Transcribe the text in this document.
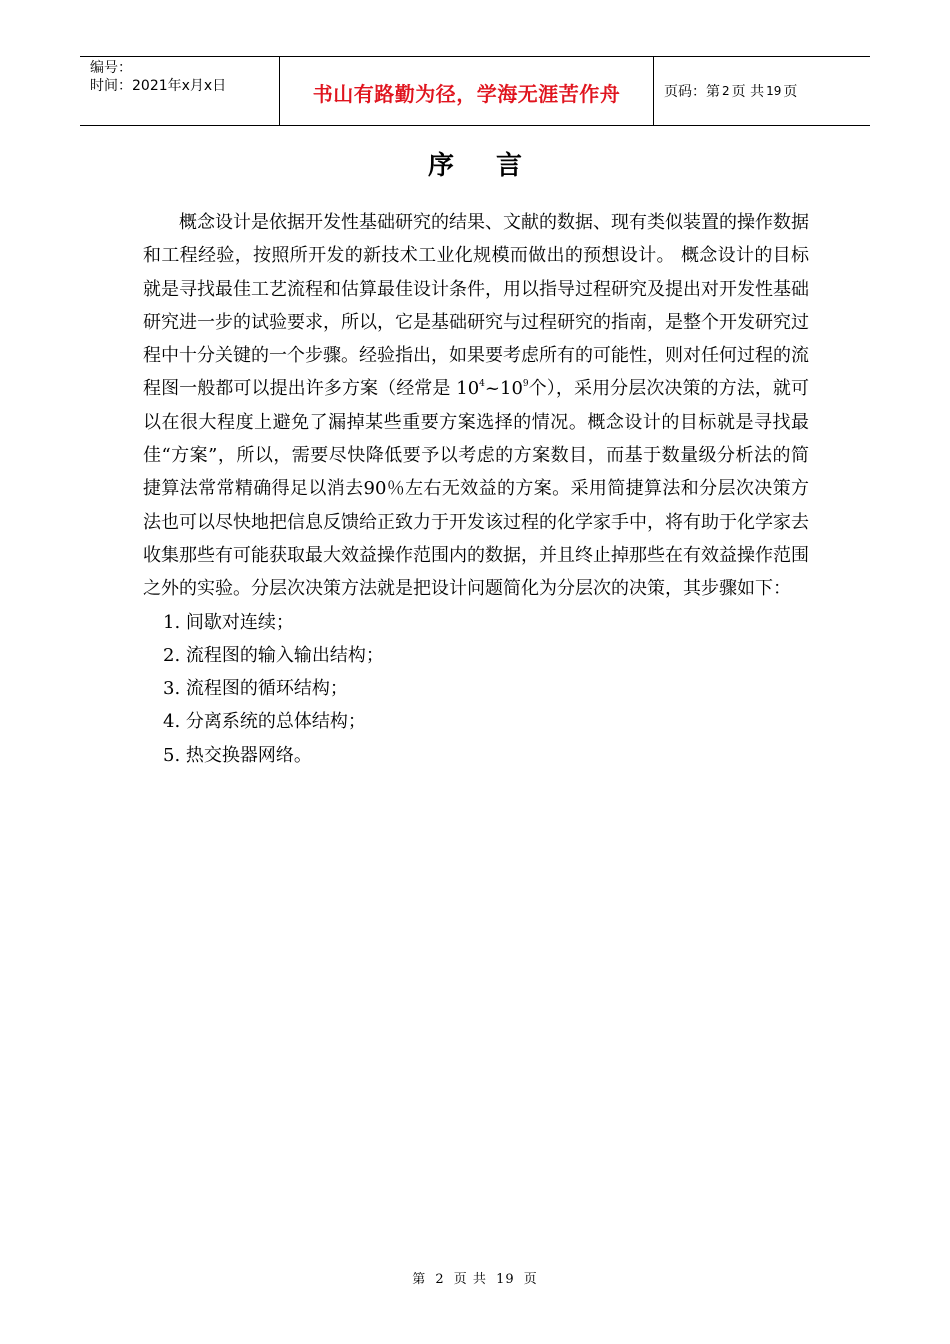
编号：
时间：2021年x月x日	书山有路勤为径，学海无涯苦作舟	页码：第 2 页 共 19 页
序言

概念设计是依据开发性基础研究的结果、文献的数据、现有类似装置的操作数据和工程经验，按照所开发的新技术工业化规模而做出的预想设计。 概念设计的目标就是寻找最佳工艺流程和估算最佳设计条件，用以指导过程研究及提出对开发性基础研究进一步的试验要求，所以，它是基础研究与过程研究的指南，是整个开发研究过程中十分关键的一个步骤。经验指出，如果要考虑所有的可能性，则对任何过程的流程图一般都可以提出许多方案（经常是 $10^4\sim 10^9$个），采用分层次决策的方法，就可以在很大程度上避免了漏掉某些重要方案选择的情况。概念设计的目标就是寻找最佳“方案”，所以，需要尽快降低要予以考虑的方案数目，而基于数量级分析法的简捷算法常常精确得足以消去90％左右无效益的方案。采用简捷算法和分层次决策方法也可以尽快地把信息反馈给正致力于开发该过程的化学家手中，将有助于化学家去收集那些有可能获取最大效益操作范围内的数据，并且终止掉那些在有效益操作范围之外的实验。分层次决策方法就是把设计问题简化为分层次的决策，其步骤如下：

1. 间歇对连续；
2. 流程图的输入输出结构；
3. 流程图的循环结构；
4. 分离系统的总体结构；
5. 热交换器网络。
第 2 页 共 19 页
